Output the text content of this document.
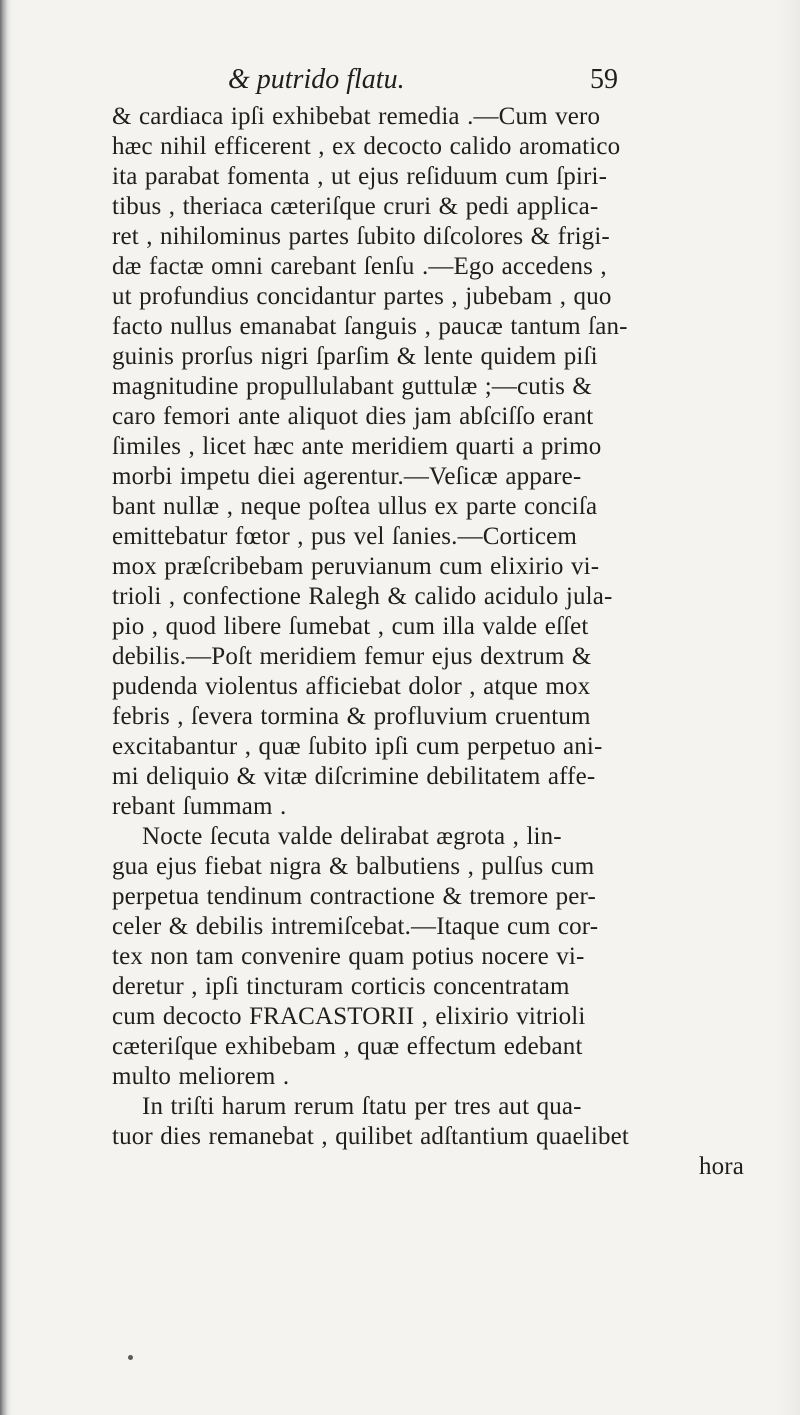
& putrido flatu.	59
& cardiaca ipſi exhibebat remedia .—Cum vero
hæc nihil efficerent , ex decocto calido aromatico
ita parabat fomenta , ut ejus reſiduum cum ſpiri-
tibus , theriaca cæteriſque cruri & pedi applica-
ret , nihilominus partes ſubito diſcolores & frigi-
dæ factæ omni carebant ſenſu .—Ego accedens ,
ut profundius concidantur partes , jubebam , quo
facto nullus emanabat ſanguis , paucæ tantum ſan-
guinis prorſus nigri ſparſim & lente quidem piſi
magnitudine propullulabant guttulæ ;—cutis &
caro femori ante aliquot dies jam abſciſſo erant
ſimiles , licet hæc ante meridiem quarti a primo
morbi impetu diei agerentur.—Veſicæ appare-
bant nullæ , neque poſtea ullus ex parte conciſa
emittebatur fœtor , pus vel ſanies.—Corticem
mox præſcribebam peruvianum cum elixirio vi-
trioli , confectione Ralegh & calido acidulo jula-
pio , quod libere ſumebat , cum illa valde eſſet
debilis.—Poſt meridiem femur ejus dextrum &
pudenda violentus afficiebat dolor , atque mox
febris , ſevera tormina & profluvium cruentum
excitabantur , quæ ſubito ipſi cum perpetuo ani-
mi deliquio & vitæ diſcrimine debilitatem affe-
rebant ſummam .
Nocte ſecuta valde delirabat ægrota , lin-
gua ejus fiebat nigra & balbutiens , pulſus cum
perpetua tendinum contractione & tremore per-
celer & debilis intremiſcebat.—Itaque cum cor-
tex non tam convenire quam potius nocere vi-
deretur , ipſi tincturam corticis concentratam
cum decocto FRACASTORII , elixirio vitrioli
cæteriſque exhibebam , quæ effectum edebant
multo meliorem .
In triſti harum rerum ſtatu per tres aut qua-
tuor dies remanebat , quilibet adſtantium quaelibet
hora
